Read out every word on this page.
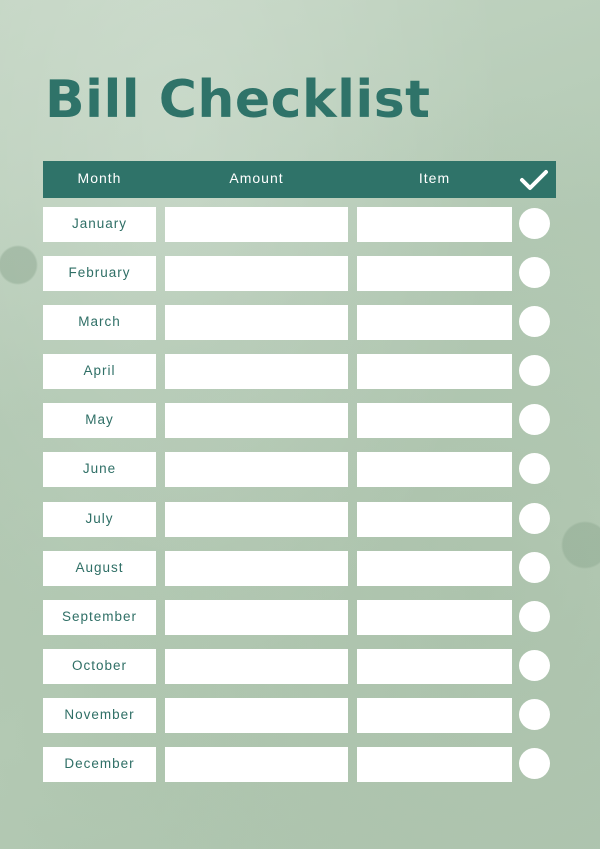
Bill Checklist
Month	Amount	Item
January
February
March
April
May
June
July
August
September
October
November
December
